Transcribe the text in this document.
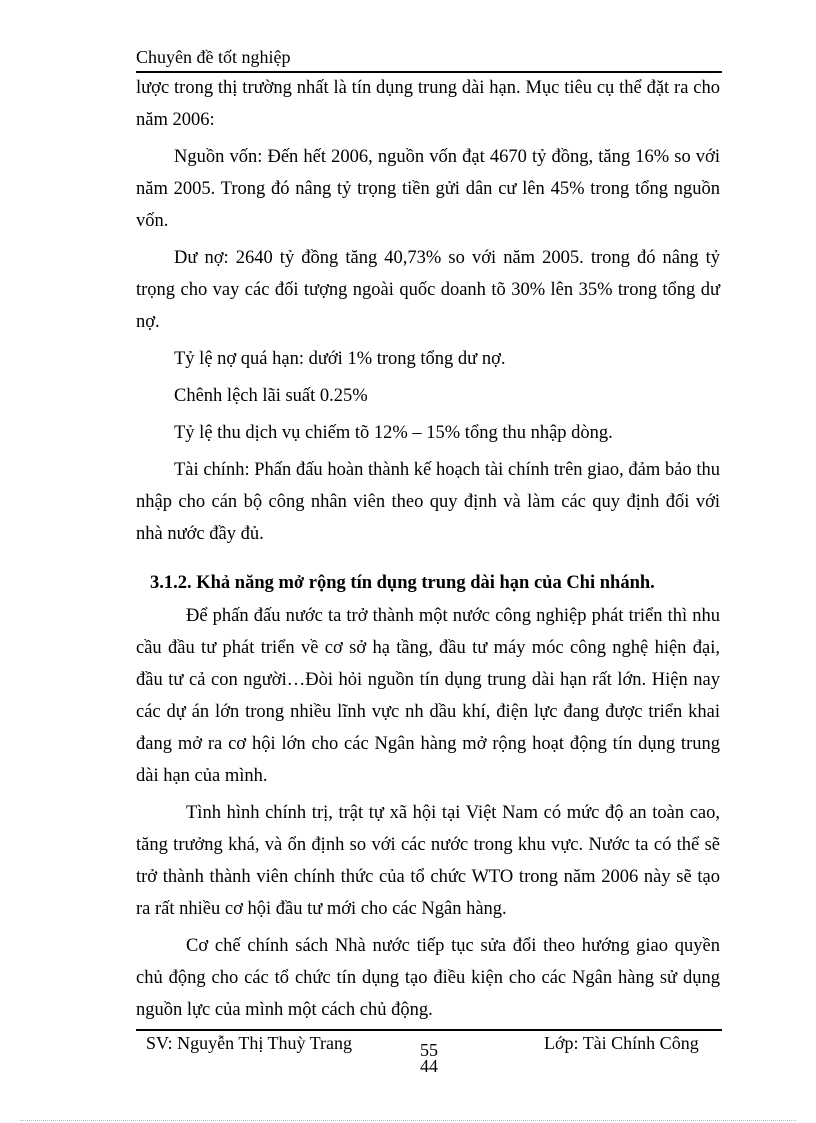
Chuyên đề tốt nghiệp

lược trong thị trường nhất là tín dụng trung dài hạn. Mục tiêu cụ thể đặt ra cho năm 2006:

Nguồn vốn: Đến hết 2006, nguồn vốn đạt 4670 tỷ đồng, tăng 16% so với năm 2005. Trong đó nâng tỷ trọng tiền gửi dân cư lên 45% trong tổng nguồn vốn.

Dư nợ: 2640 tỷ đồng tăng 40,73% so với năm 2005. trong đó nâng tỷ trọng cho vay các đối tượng ngoài quốc doanh tõ 30% lên 35% trong tổng dư nợ.

Tỷ lệ nợ quá hạn: dưới 1% trong tổng dư nợ.

Chênh lệch lãi suất 0.25%

Tỷ lệ thu dịch vụ chiếm tõ 12% – 15% tổng thu nhập dòng.

Tài chính: Phấn đấu hoàn thành kế hoạch tài chính trên giao, đảm bảo thu nhập cho cán bộ công nhân viên theo quy định và làm các quy định đối với nhà nước đầy đủ.

3.1.2. Khả năng mở rộng tín dụng trung dài hạn của Chi nhánh.

Để phấn đấu nước ta trở thành một nước công nghiệp phát triển thì nhu cầu đầu tư phát triển về cơ sở hạ tầng, đầu tư máy móc công nghệ hiện đại, đầu tư cả con người…Đòi hỏi nguồn tín dụng trung dài hạn rất lớn. Hiện nay các dự án lớn trong nhiều lĩnh vực nh dầu khí, điện lực đang được triển khai đang mở ra cơ hội lớn cho các Ngân hàng mở rộng hoạt động tín dụng trung dài hạn của mình.

Tình hình chính trị, trật tự xã hội tại Việt Nam có mức độ an toàn cao, tăng trưởng khá, và ổn định so với các nước trong khu vực. Nước ta có thể sẽ trở thành thành viên chính thức của tổ chức WTO trong năm 2006 này sẽ tạo ra rất nhiều cơ hội đầu tư mới cho các Ngân hàng.

Cơ chế chính sách Nhà nước tiếp tục sửa đổi theo hướng giao quyền chủ động cho các tổ chức tín dụng tạo điều kiện cho các Ngân hàng sử dụng nguồn lực của mình một cách chủ động.

SV: Nguyễn Thị Thuỳ Trang	55
44
Lớp: Tài Chính Công
